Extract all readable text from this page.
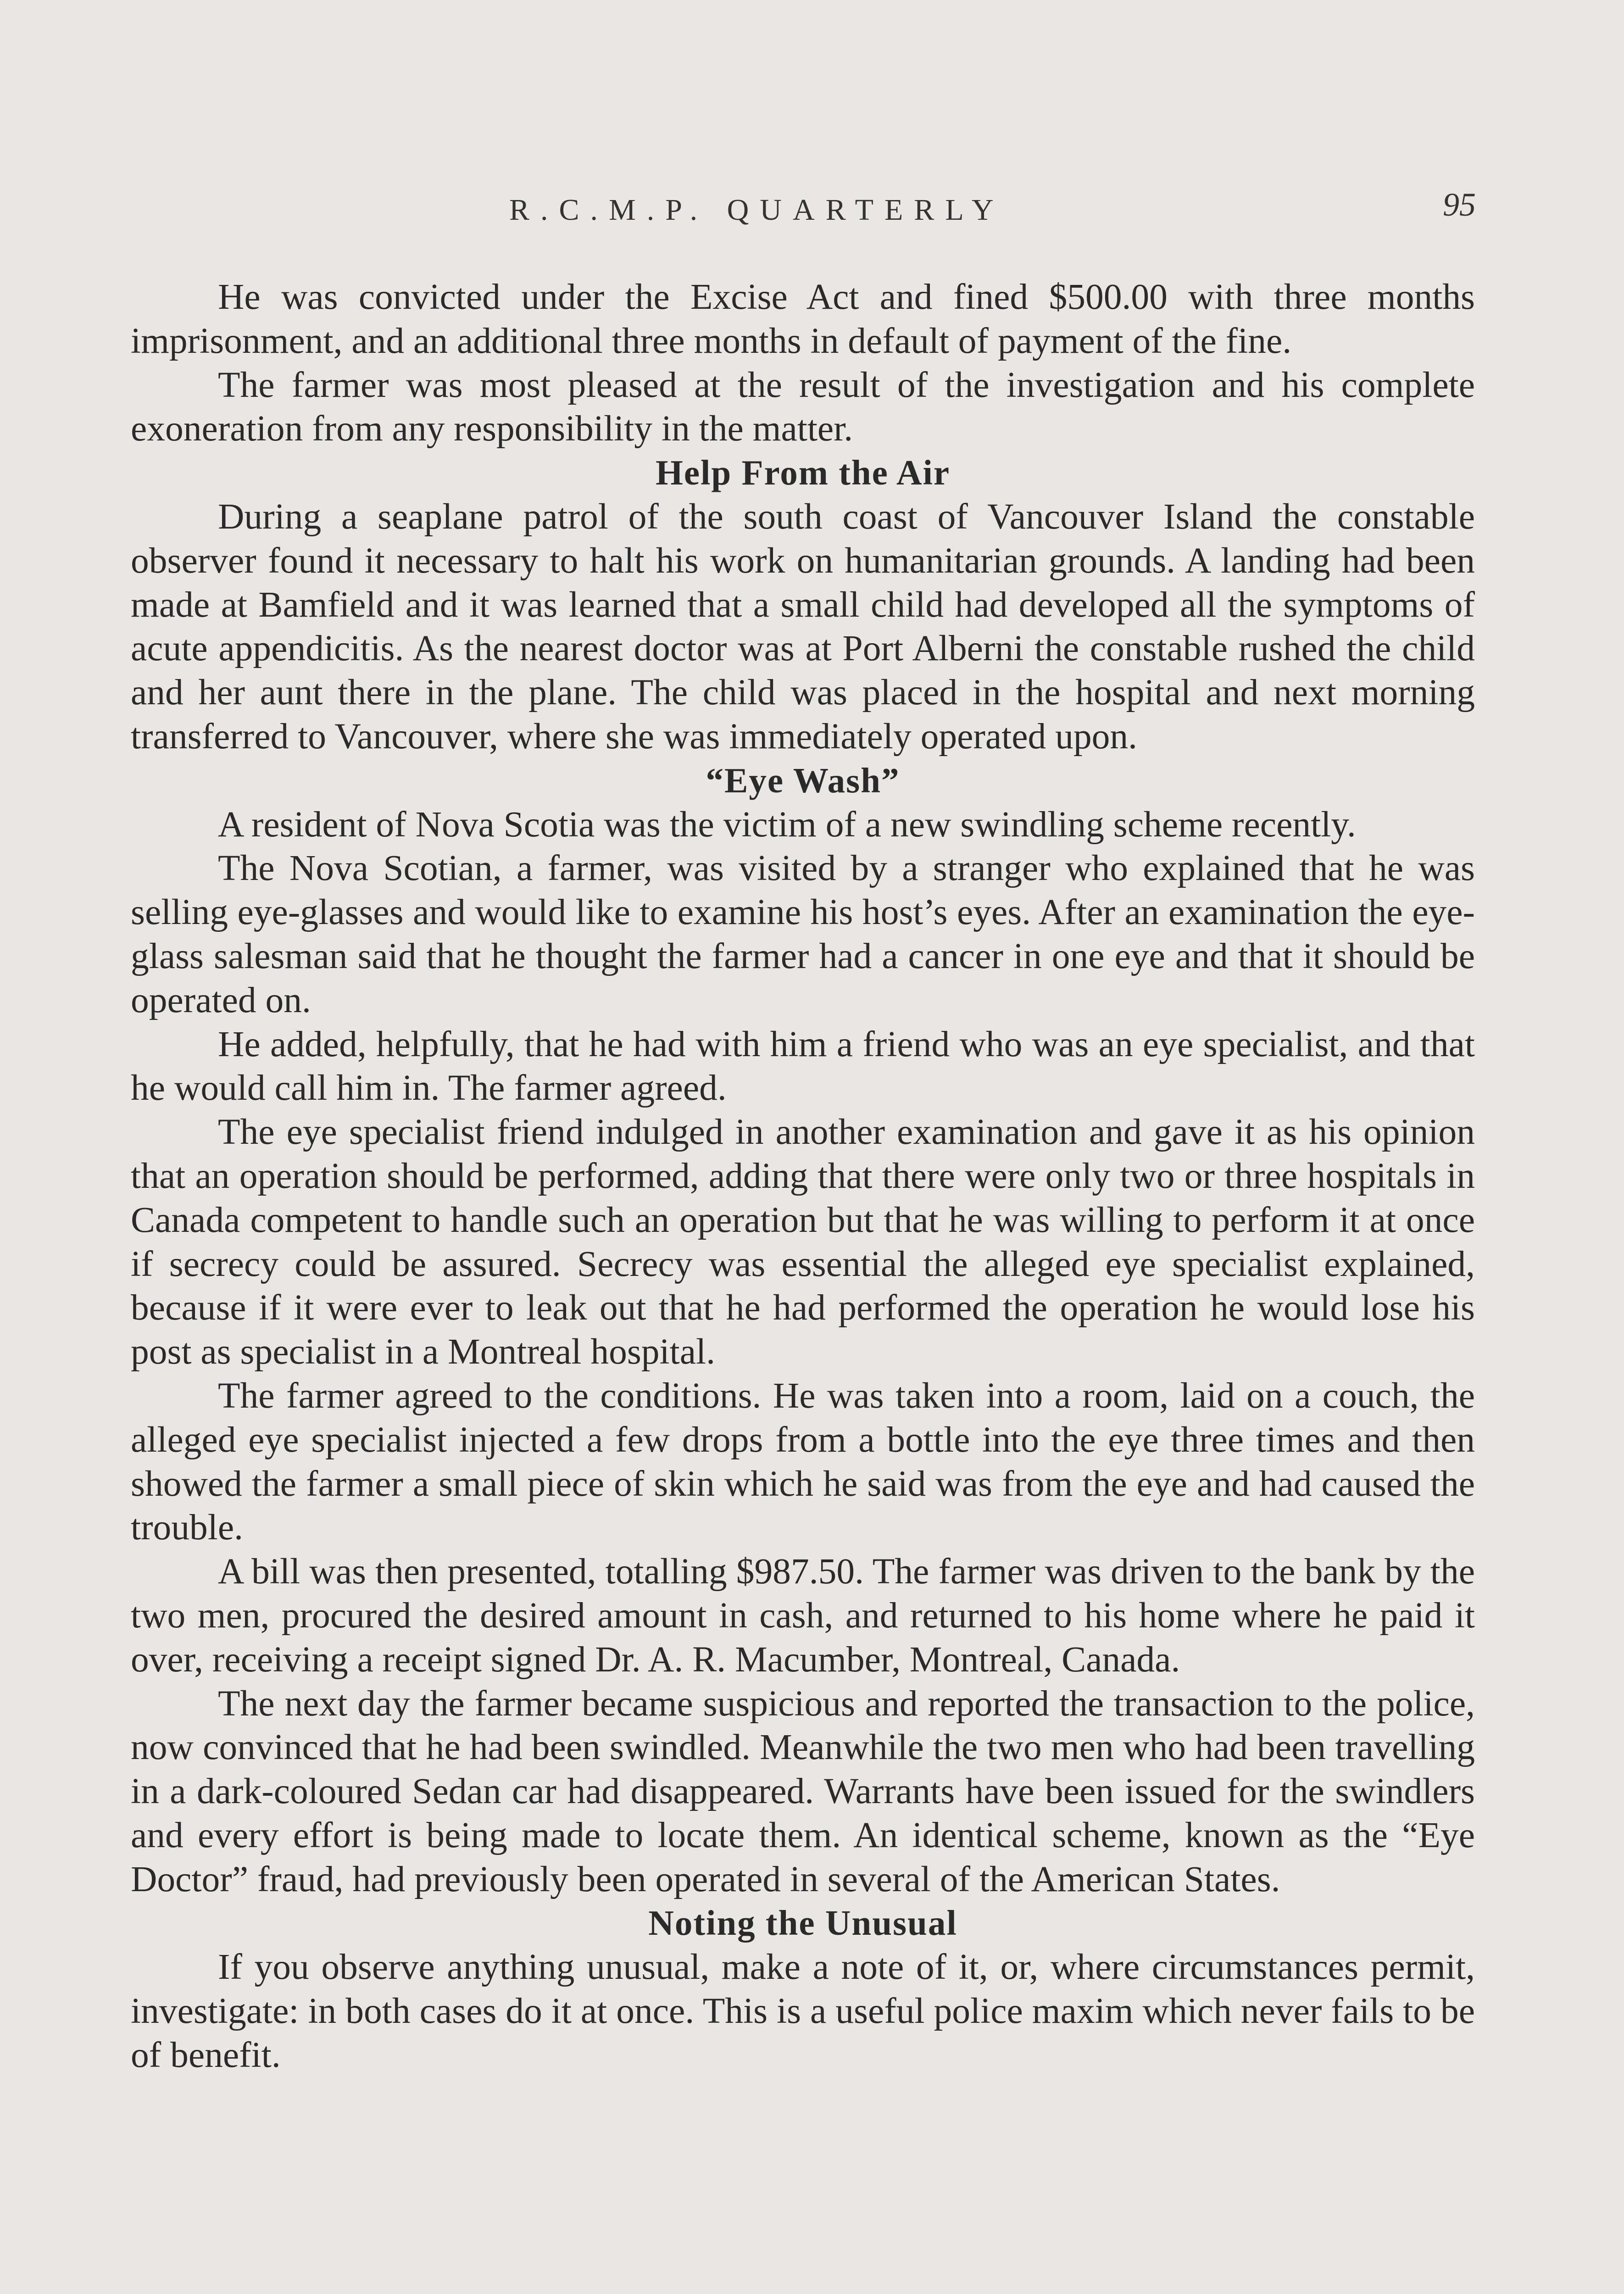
R.C.M.P. QUARTERLY	95

He was convicted under the Excise Act and fined $500.00 with three months imprisonment, and an additional three months in default of payment of the fine.

The farmer was most pleased at the result of the investigation and his complete exoneration from any responsibility in the matter.

Help From the Air

During a seaplane patrol of the south coast of Vancouver Island the constable observer found it necessary to halt his work on humanitarian grounds. A landing had been made at Bamfield and it was learned that a small child had developed all the symptoms of acute appendicitis. As the nearest doctor was at Port Alberni the constable rushed the child and her aunt there in the plane. The child was placed in the hospital and next morning transferred to Vancouver, where she was immediately operated upon.

“Eye Wash”

A resident of Nova Scotia was the victim of a new swindling scheme recently.

The Nova Scotian, a farmer, was visited by a stranger who explained that he was selling eye-glasses and would like to examine his host’s eyes. After an examination the eye-glass salesman said that he thought the farmer had a cancer in one eye and that it should be operated on.

He added, helpfully, that he had with him a friend who was an eye specialist, and that he would call him in. The farmer agreed.

The eye specialist friend indulged in another examination and gave it as his opinion that an operation should be performed, adding that there were only two or three hospitals in Canada competent to handle such an operation but that he was willing to perform it at once if secrecy could be assured. Secrecy was essential the alleged eye specialist explained, because if it were ever to leak out that he had performed the operation he would lose his post as specialist in a Montreal hospital.

The farmer agreed to the conditions. He was taken into a room, laid on a couch, the alleged eye specialist injected a few drops from a bottle into the eye three times and then showed the farmer a small piece of skin which he said was from the eye and had caused the trouble.

A bill was then presented, totalling $987.50. The farmer was driven to the bank by the two men, procured the desired amount in cash, and returned to his home where he paid it over, receiving a receipt signed Dr. A. R. Macumber, Montreal, Canada.

The next day the farmer became suspicious and reported the transaction to the police, now convinced that he had been swindled. Meanwhile the two men who had been travelling in a dark-coloured Sedan car had disappeared. Warrants have been issued for the swindlers and every effort is being made to locate them. An identical scheme, known as the “Eye Doctor” fraud, had previously been operated in several of the American States.

Noting the Unusual

If you observe anything unusual, make a note of it, or, where circumstances permit, investigate: in both cases do it at once. This is a useful police maxim which never fails to be of benefit.
